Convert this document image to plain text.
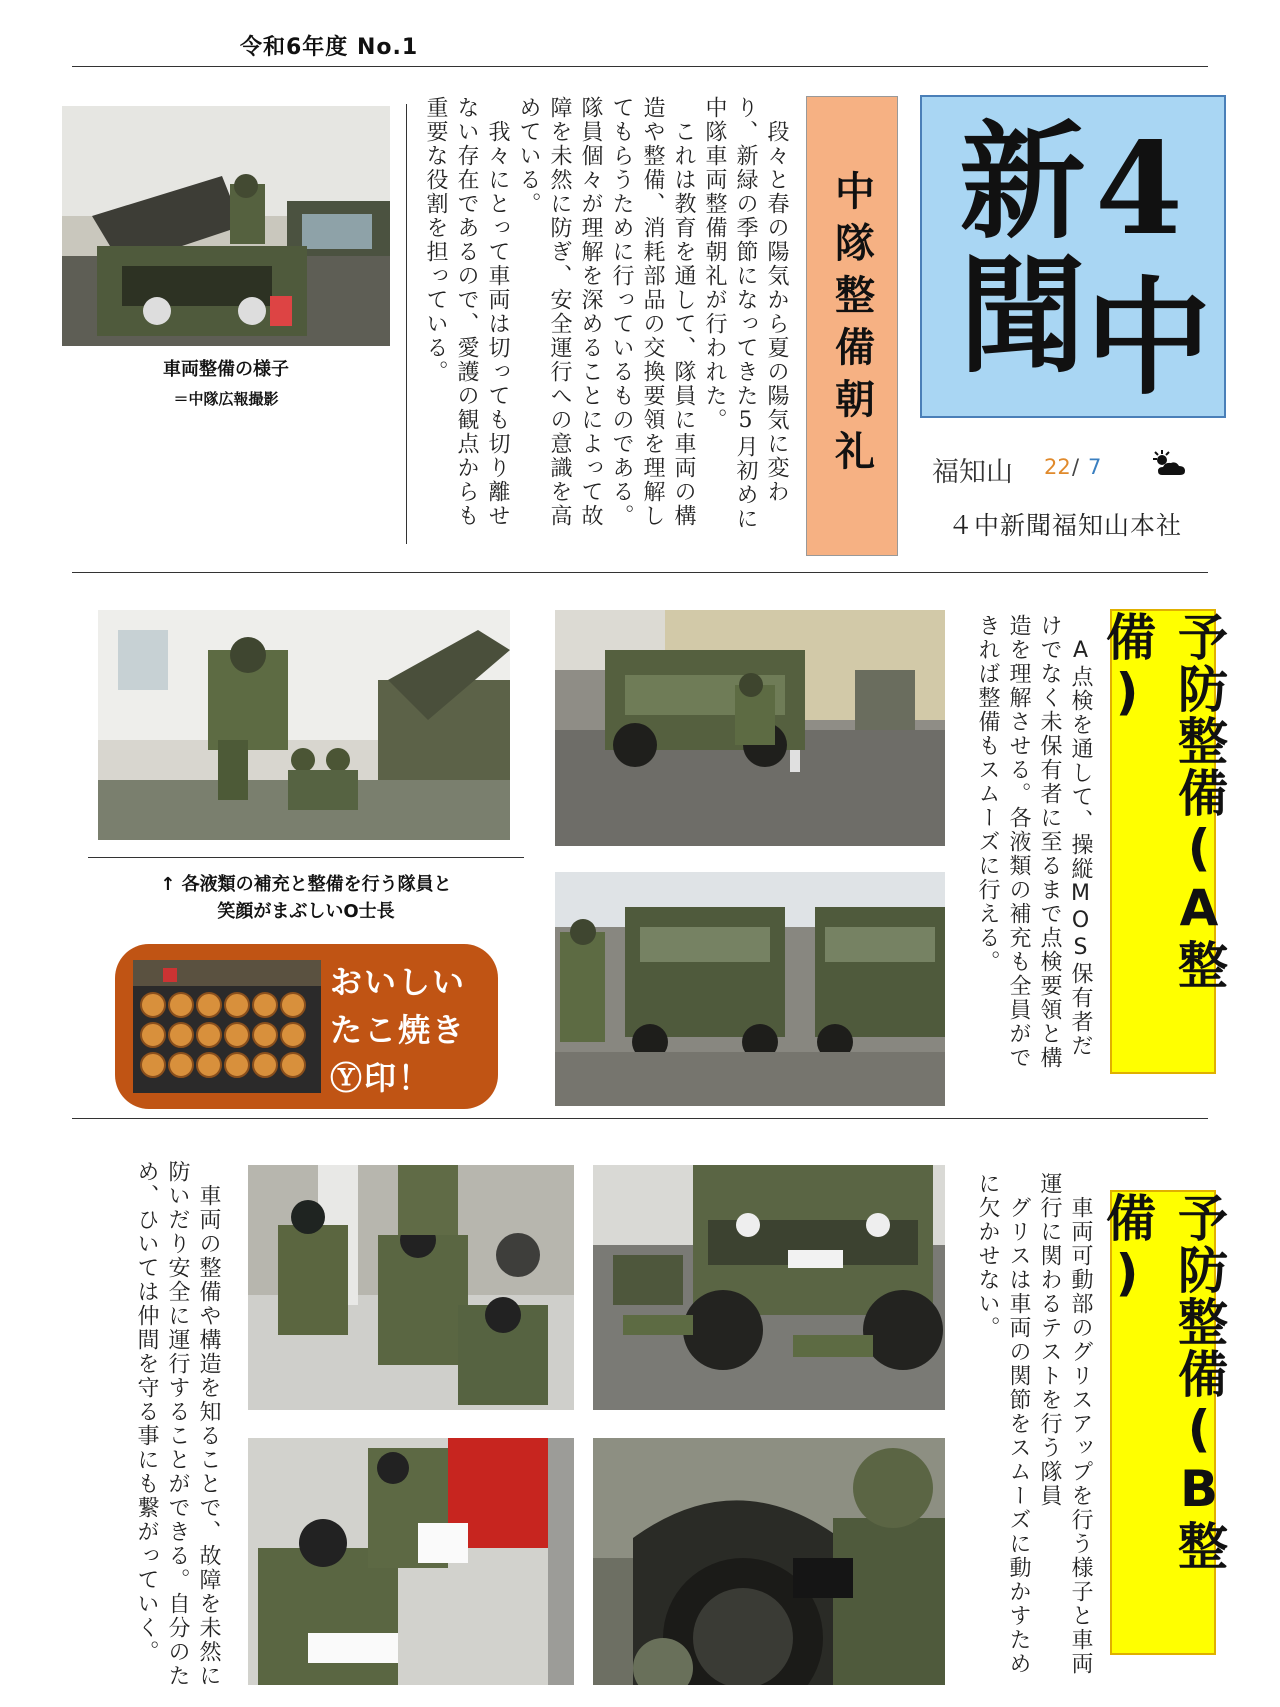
令和6年度 No.1
4中新聞
福知山 22 / 7
４中新聞福知山本社
中隊整備朝礼
　段々と春の陽気から夏の陽気に変わり、新緑の季節になってきた5月初めに中隊車両整備朝礼が行われた。
　これは教育を通して、隊員に車両の構造や整備、消耗部品の交換要領を理解してもらうために行っているものである。隊員個々が理解を深めることによって故障を未然に防ぎ、安全運行への意識を高めている。
　我々にとって車両は切っても切り離せない存在であるので、愛護の観点からも重要な役割を担っている。
車両整備の様子
＝中隊広報撮影
予防整備(A整備)
　A点検を通して、操縦MOS保有者だけでなく未保有者に至るまで点検要領と構造を理解させる。各液類の補充も全員ができれば整備もスムーズに行える。
↑ 各液類の補充と整備を行う隊員と
笑顔がまぶしいO士長
おいしい
たこ焼き
Ⓨ印！
予防整備(B整備)
　車両可動部のグリスアップを行う様子と車両運行に関わるテストを行う隊員
　グリスは車両の関節をスムーズに動かすために欠かせない。
　車両の整備や構造を知ることで、故障を未然に防いだり安全に運行することができる。自分のため、ひいては仲間を守る事にも繋がっていく。
